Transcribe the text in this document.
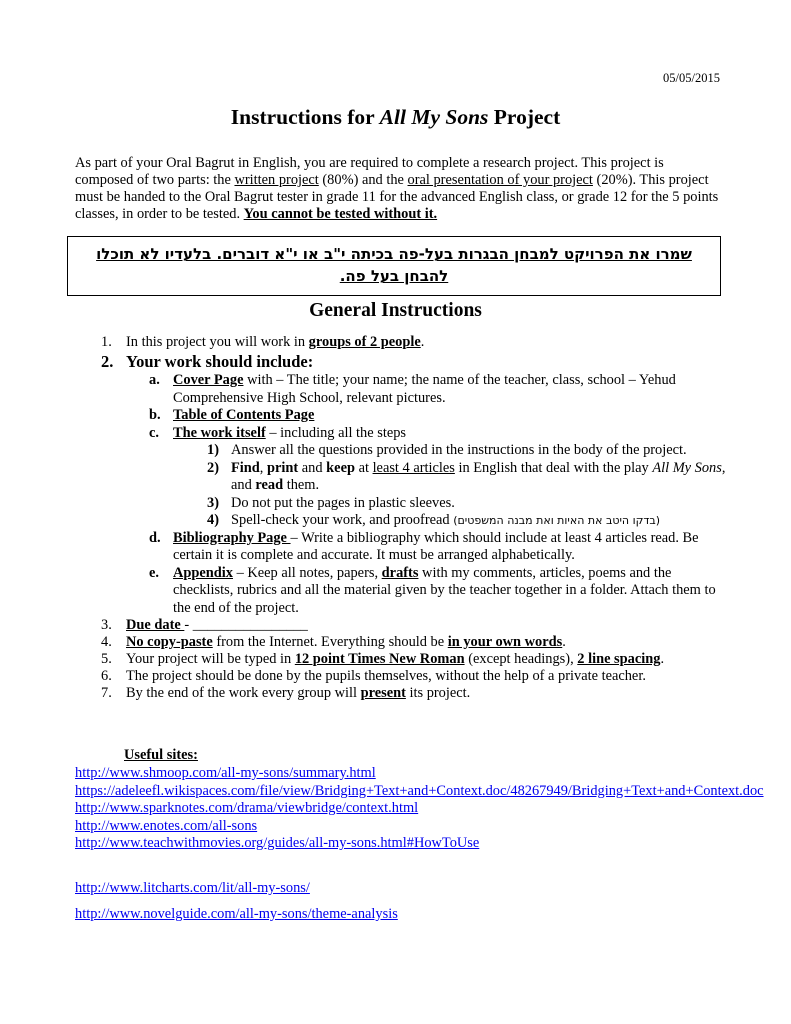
05/05/2015
Instructions for All My Sons Project

As part of your Oral Bagrut in English, you are required to complete a research project. This project is composed of two parts: the written project (80%) and the oral presentation of your project (20%). This project must be handed to the Oral Bagrut tester in grade 11 for the advanced English class, or grade 12 for the 5 points classes, in order to be tested. You cannot be tested without it.

שמרו את הפרויקט למבחן הבגרות בעל-פה בכיתה י"ב או י"א דוברים. בלעדיו לא תוכלו להבחן בעל פה.
General Instructions
1. In this project you will work in groups of 2 people.
2. Your work should include:
a. Cover Page with – The title; your name; the name of the teacher, class, school – Yehud Comprehensive High School, relevant pictures.
b. Table of Contents Page
c. The work itself – including all the steps
1) Answer all the questions provided in the instructions in the body of the project.
2) Find, print and keep at least 4 articles in English that deal with the play All My Sons, and read them.
3) Do not put the pages in plastic sleeves.
4) Spell-check your work, and proofread (בדקו היטב את האיות ואת מבנה המשפטים)
d. Bibliography Page – Write a bibliography which should include at least 4 articles read. Be certain it is complete and accurate. It must be arranged alphabetically.
e. Appendix – Keep all notes, papers, drafts with my comments, articles, poems and the checklists, rubrics and all the material given by the teacher together in a folder. Attach them to the end of the project.
3. Due date - ________________
4. No copy-paste from the Internet. Everything should be in your own words.
5. Your project will be typed in 12 point Times New Roman (except headings), 2 line spacing.
6. The project should be done by the pupils themselves, without the help of a private teacher.
7. By the end of the work every group will present its project.
Useful sites:
http://www.shmoop.com/all-my-sons/summary.html
https://adeleefl.wikispaces.com/file/view/Bridging+Text+and+Context.doc/48267949/Bridging+Text+and+Context.doc
http://www.sparknotes.com/drama/viewbridge/context.html
http://www.enotes.com/all-sons
http://www.teachwithmovies.org/guides/all-my-sons.html#HowToUse
http://www.litcharts.com/lit/all-my-sons/
http://www.novelguide.com/all-my-sons/theme-analysis
